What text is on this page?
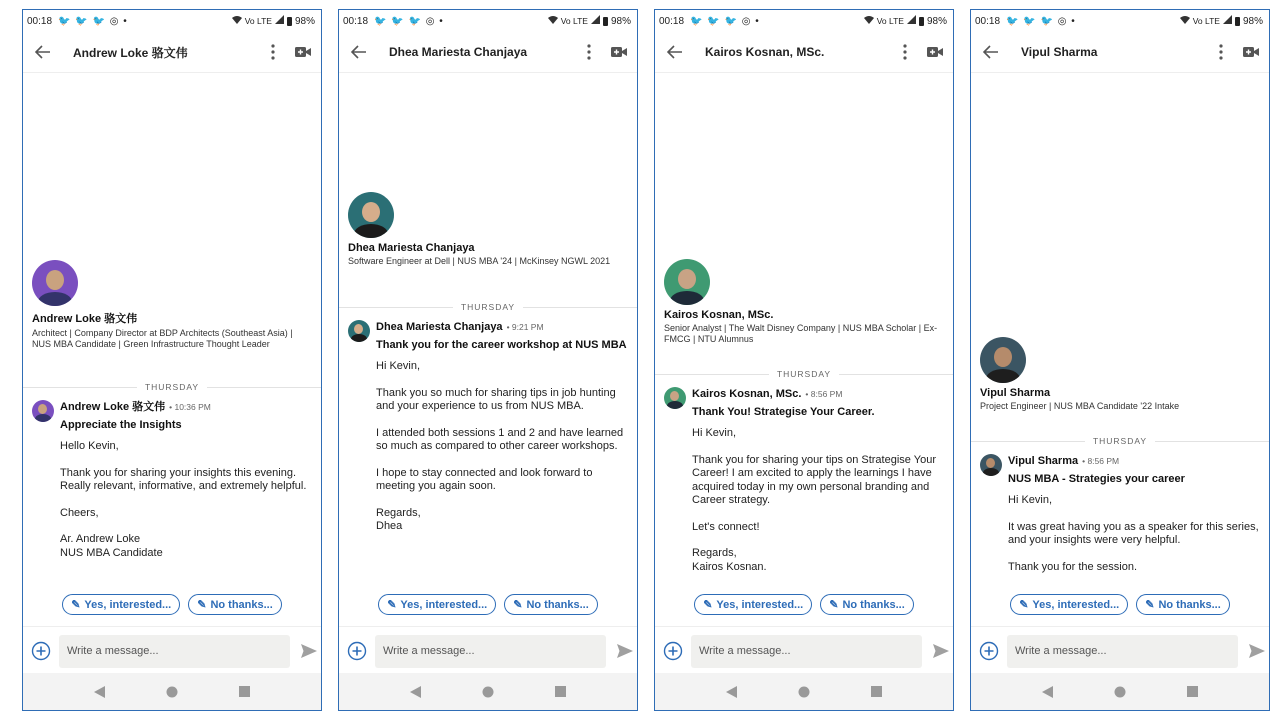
00:18 🐦 🐦 🐦 ◎ •	Vo LTE 98%
Andrew Loke 骆文伟
Andrew Loke 骆文伟
Architect | Company Director at BDP Architects (Southeast Asia) | NUS MBA Candidate | Green Infrastructure Thought Leader
THURSDAY
Andrew Loke 骆文伟 • 10:36 PM
Appreciate the Insights

Hello Kevin,

Thank you for sharing your insights this evening. Really relevant, informative, and extremely helpful.

Cheers,

Ar. Andrew Loke
NUS MBA Candidate

✎ Yes, interested... ✎ No thanks...
Write a message...
00:18 🐦 🐦 🐦 ◎ •	Vo LTE 98%
Dhea Mariesta Chanjaya
Dhea Mariesta Chanjaya
Software Engineer at Dell | NUS MBA '24 | McKinsey NGWL 2021
THURSDAY
Dhea Mariesta Chanjaya • 9:21 PM
Thank you for the career workshop at NUS MBA

Hi Kevin,

Thank you so much for sharing tips in job hunting and your experience to us from NUS MBA.

I attended both sessions 1 and 2 and have learned so much as compared to other career workshops.

I hope to stay connected and look forward to meeting you again soon.

Regards,
Dhea

✎ Yes, interested... ✎ No thanks...
Write a message...
00:18 🐦 🐦 🐦 ◎ •	Vo LTE 98%
Kairos Kosnan, MSc.
Kairos Kosnan, MSc.
Senior Analyst | The Walt Disney Company | NUS MBA Scholar | Ex-FMCG | NTU Alumnus
THURSDAY
Kairos Kosnan, MSc. • 8:56 PM
Thank You! Strategise Your Career.

Hi Kevin,

Thank you for sharing your tips on Strategise Your Career! I am excited to apply the learnings I have acquired today in my own personal branding and Career strategy.

Let's connect!

Regards,
Kairos Kosnan.

✎ Yes, interested... ✎ No thanks...
Write a message...
00:18 🐦 🐦 🐦 ◎ •	Vo LTE 98%
Vipul Sharma
Vipul Sharma
Project Engineer | NUS MBA Candidate '22 Intake
THURSDAY
Vipul Sharma • 8:56 PM
NUS MBA - Strategies your career

Hi Kevin,

It was great having you as a speaker for this series, and your insights were very helpful.

Thank you for the session.

✎ Yes, interested... ✎ No thanks...
Write a message...
